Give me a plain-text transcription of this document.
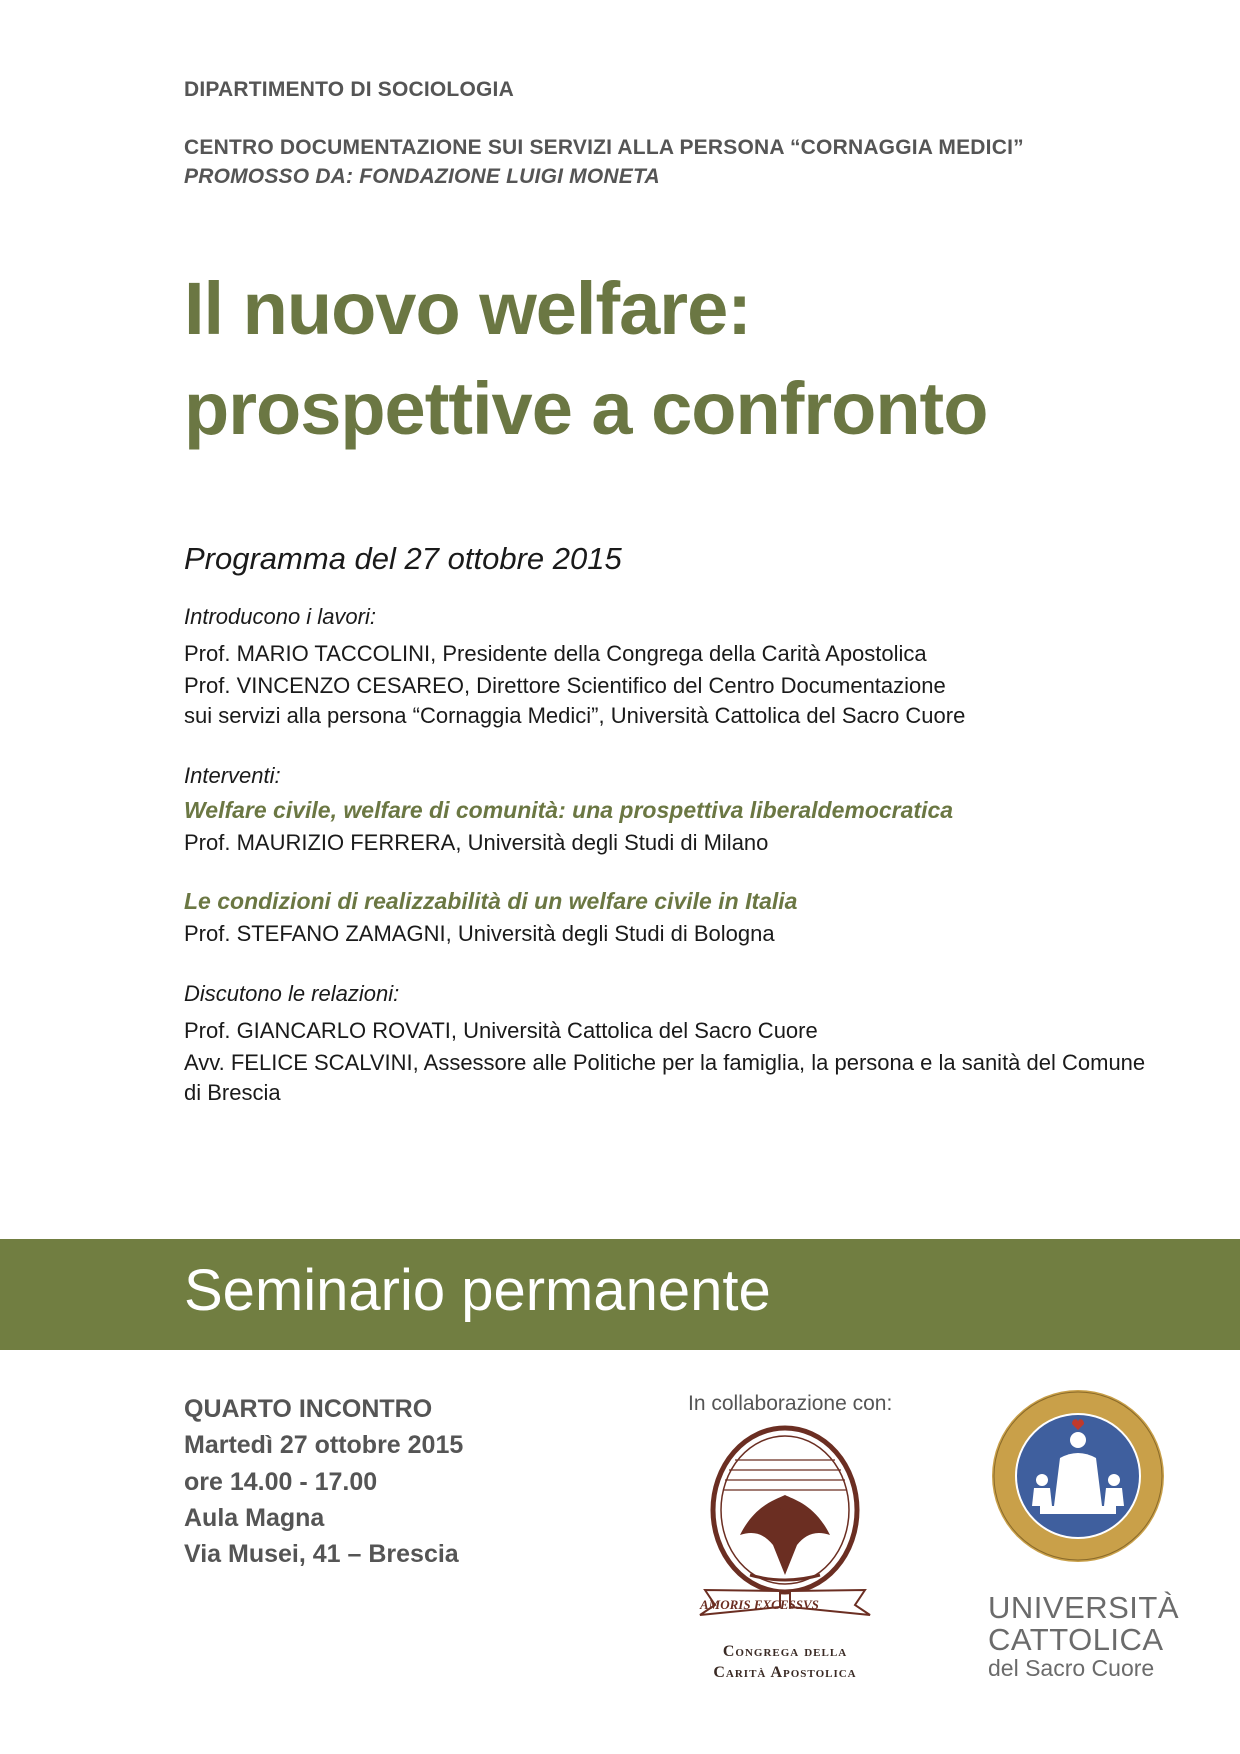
DIPARTIMENTO DI SOCIOLOGIA
CENTRO DOCUMENTAZIONE SUI SERVIZI ALLA PERSONA “CORNAGGIA MEDICI”
PROMOSSO DA: FONDAZIONE LUIGI MONETA
Il nuovo welfare:
prospettive a confronto
Programma del 27 ottobre 2015
Introducono i lavori:
Prof. MARIO TACCOLINI, Presidente della Congrega della Carità Apostolica
Prof. VINCENZO CESAREO, Direttore Scientifico del Centro Documentazione
sui servizi alla persona “Cornaggia Medici”, Università Cattolica del Sacro Cuore
Interventi:
Welfare civile, welfare di comunità: una prospettiva liberaldemocratica
Prof. MAURIZIO FERRERA, Università degli Studi di Milano
Le condizioni di realizzabilità di un welfare civile in Italia
Prof. STEFANO ZAMAGNI, Università degli Studi di Bologna
Discutono le relazioni:
Prof. GIANCARLO ROVATI, Università Cattolica del Sacro Cuore
Avv. FELICE SCALVINI, Assessore alle Politiche per la famiglia, la persona e la sanità del Comune
di Brescia
Seminario permanente
QUARTO INCONTRO
Martedì 27 ottobre 2015
ore 14.00 - 17.00
Aula Magna
Via Musei, 41 – Brescia
In collaborazione con:
AMORIS EXCESSVS
Congrega della
Carità Apostolica
UNIVERSITÀ
CATTOLICA
del Sacro Cuore
